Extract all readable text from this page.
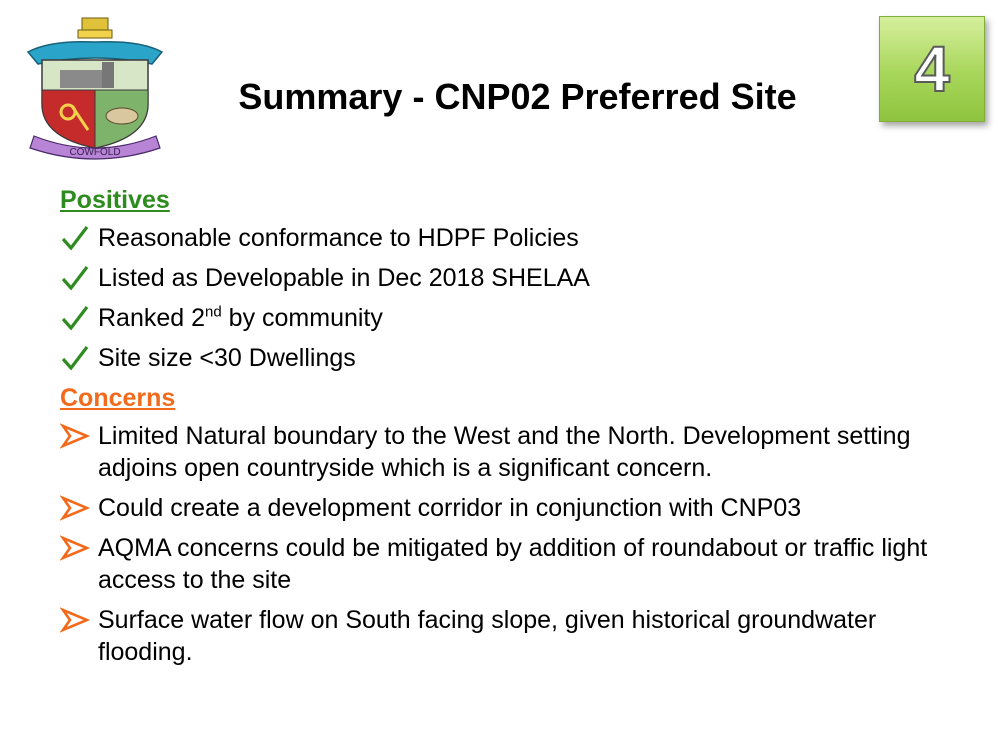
COWFOLD
Summary - CNP02 Preferred Site	4
Positives
Reasonable conformance to HDPF Policies
Listed as Developable in Dec 2018 SHELAA
Ranked 2nd by community
Site size <30 Dwellings
Concerns
Limited Natural boundary to the West and the North. Development setting adjoins open countryside which is a significant concern.
Could create a development corridor in conjunction with CNP03
AQMA concerns could be mitigated by addition of roundabout or traffic light access to the site
Surface water flow on South facing slope, given historical groundwater flooding.
